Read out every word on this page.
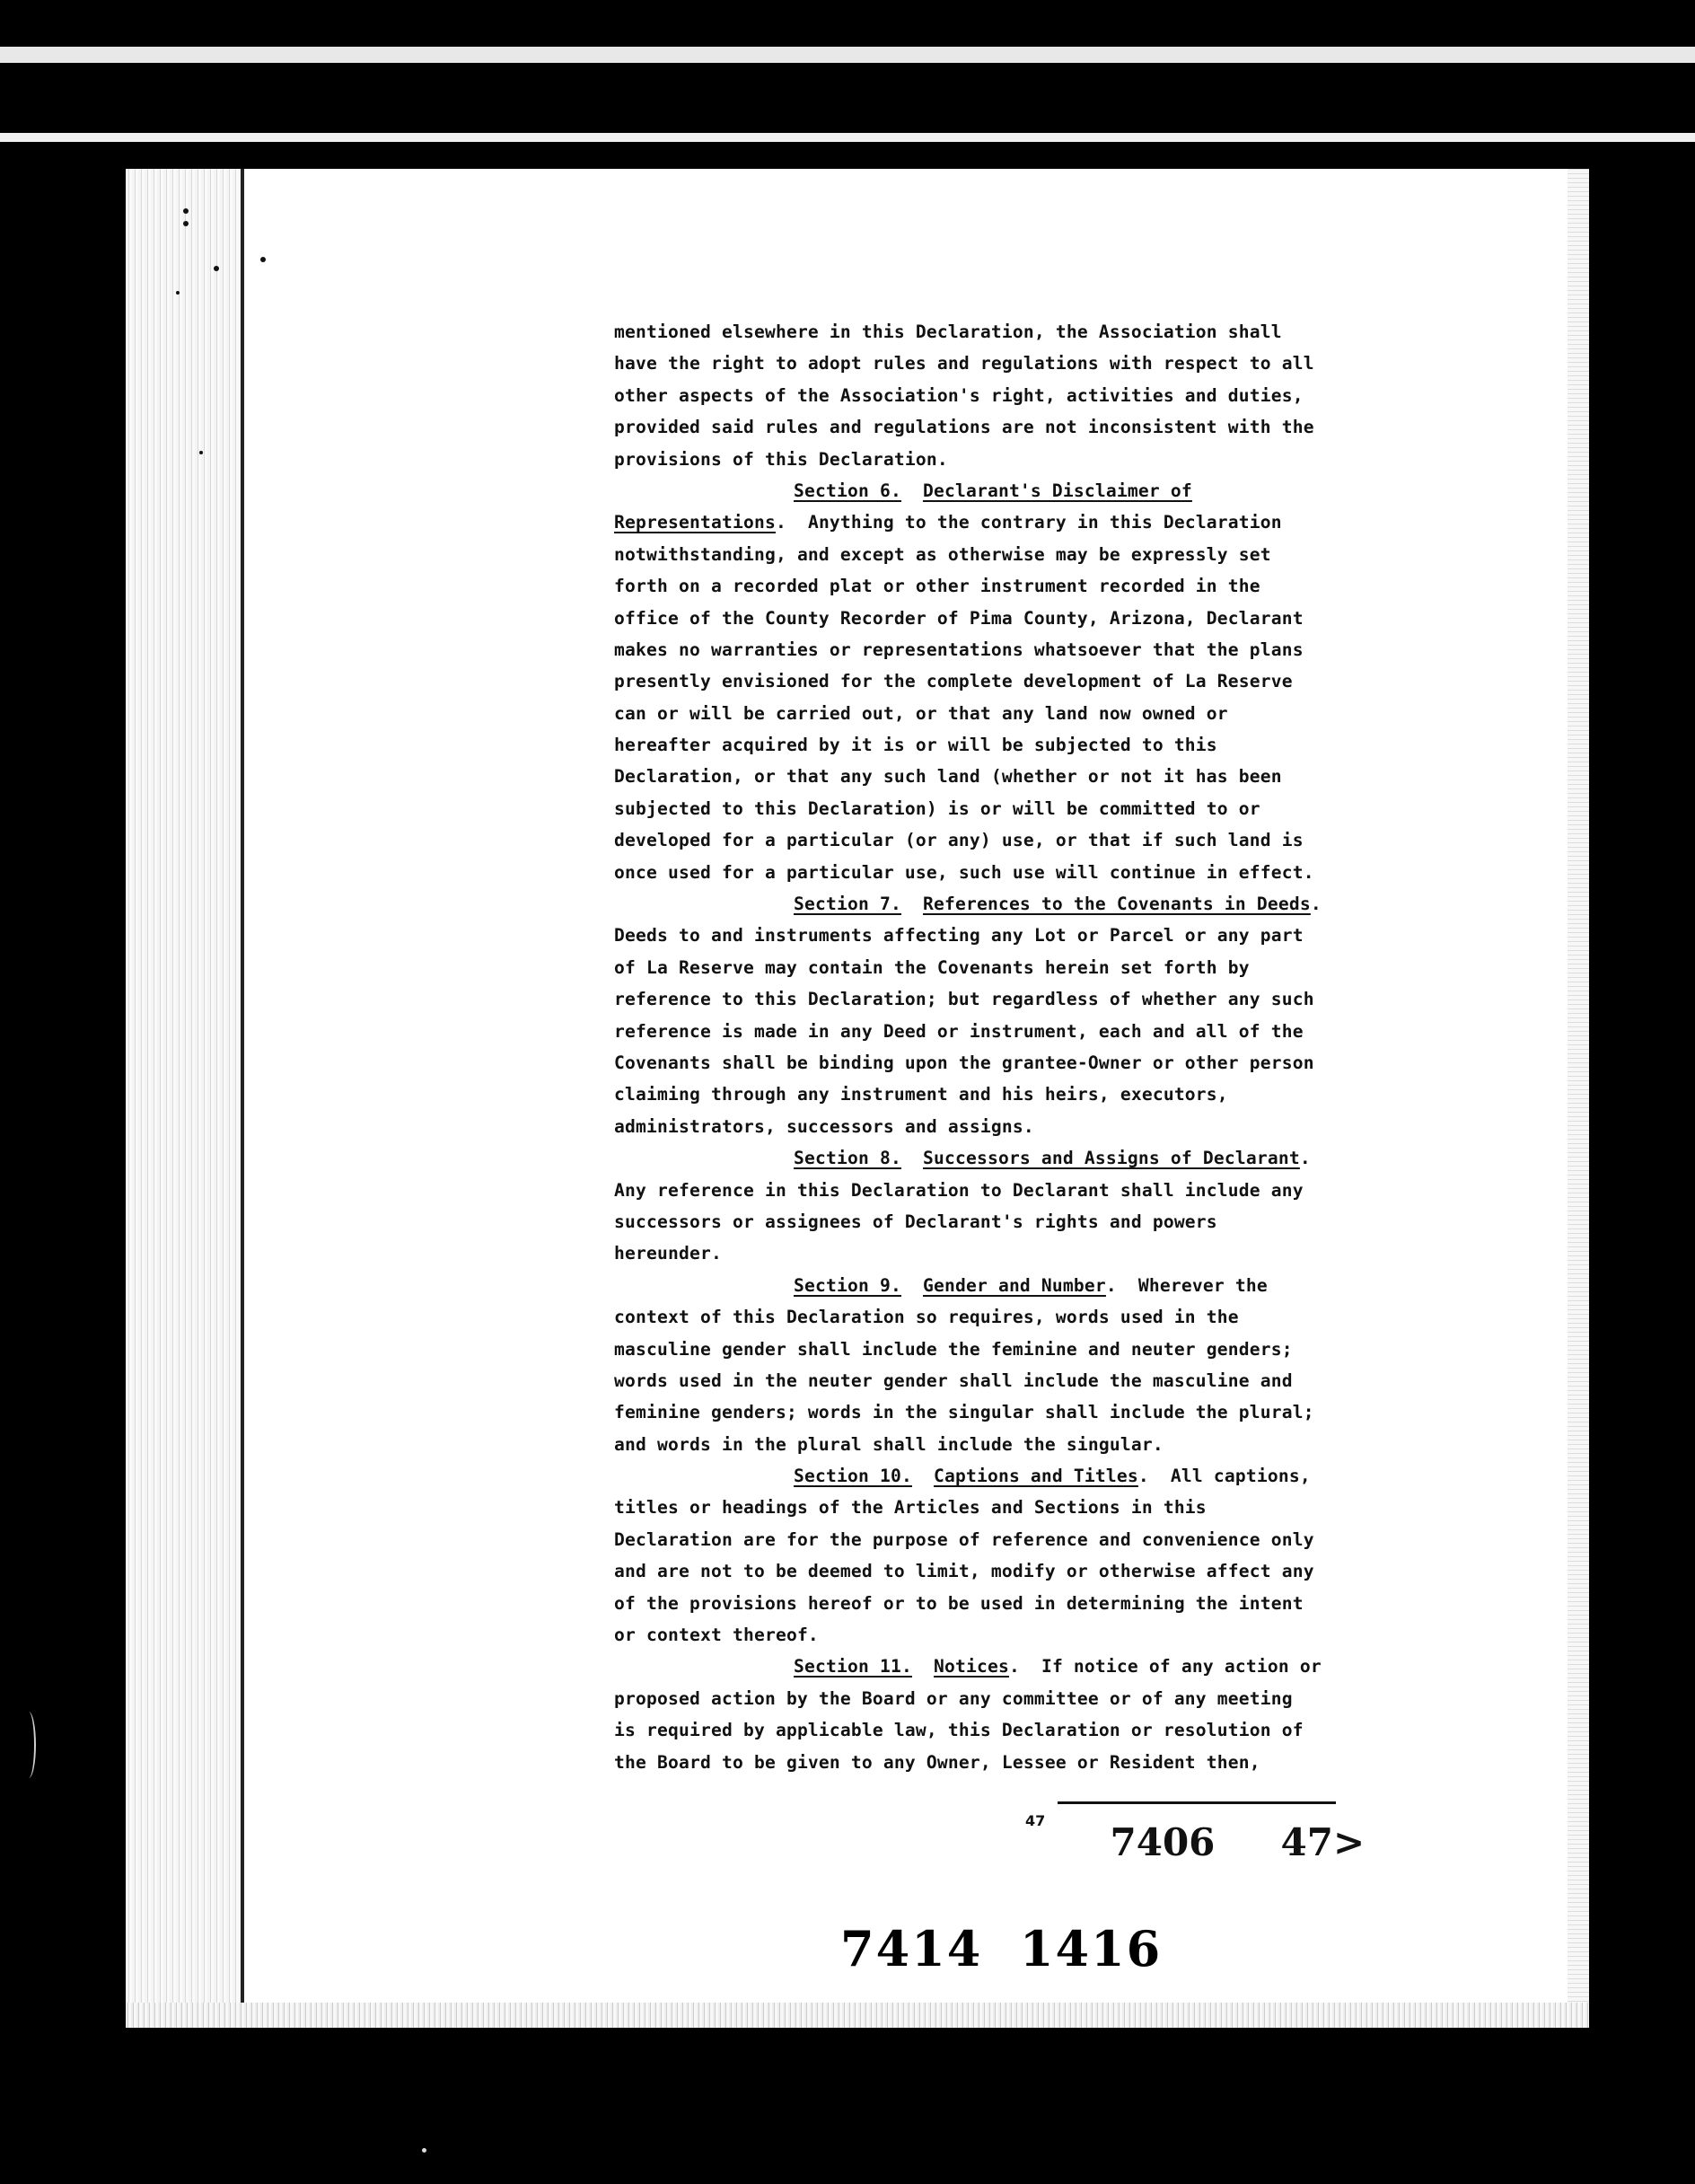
mentioned elsewhere in this Declaration, the Association shall
have the right to adopt rules and regulations with respect to all
other aspects of the Association's right, activities and duties,
provided said rules and regulations are not inconsistent with the
provisions of this Declaration.
Section 6. Declarant's Disclaimer of
Representations.  Anything to the contrary in this Declaration
notwithstanding, and except as otherwise may be expressly set
forth on a recorded plat or other instrument recorded in the
office of the County Recorder of Pima County, Arizona, Declarant
makes no warranties or representations whatsoever that the plans
presently envisioned for the complete development of La Reserve
can or will be carried out, or that any land now owned or
hereafter acquired by it is or will be subjected to this
Declaration, or that any such land (whether or not it has been
subjected to this Declaration) is or will be committed to or
developed for a particular (or any) use, or that if such land is
once used for a particular use, such use will continue in effect.
Section 7. References to the Covenants in Deeds.
Deeds to and instruments affecting any Lot or Parcel or any part
of La Reserve may contain the Covenants herein set forth by
reference to this Declaration; but regardless of whether any such
reference is made in any Deed or instrument, each and all of the
Covenants shall be binding upon the grantee-Owner or other person
claiming through any instrument and his heirs, executors,
administrators, successors and assigns.
Section 8. Successors and Assigns of Declarant.
Any reference in this Declaration to Declarant shall include any
successors or assignees of Declarant's rights and powers
hereunder.
Section 9. Gender and Number.  Wherever the
context of this Declaration so requires, words used in the
masculine gender shall include the feminine and neuter genders;
words used in the neuter gender shall include the masculine and
feminine genders; words in the singular shall include the plural;
and words in the plural shall include the singular.
Section 10. Captions and Titles.  All captions,
titles or headings of the Articles and Sections in this
Declaration are for the purpose of reference and convenience only
and are not to be deemed to limit, modify or otherwise affect any
of the provisions hereof or to be used in determining the intent
or context thereof.
Section 11. Notices.  If notice of any action or
proposed action by the Board or any committee or of any meeting
is required by applicable law, this Declaration or resolution of
the Board to be given to any Owner, Lessee or Resident then,

7406     47>

47
7414  1416
